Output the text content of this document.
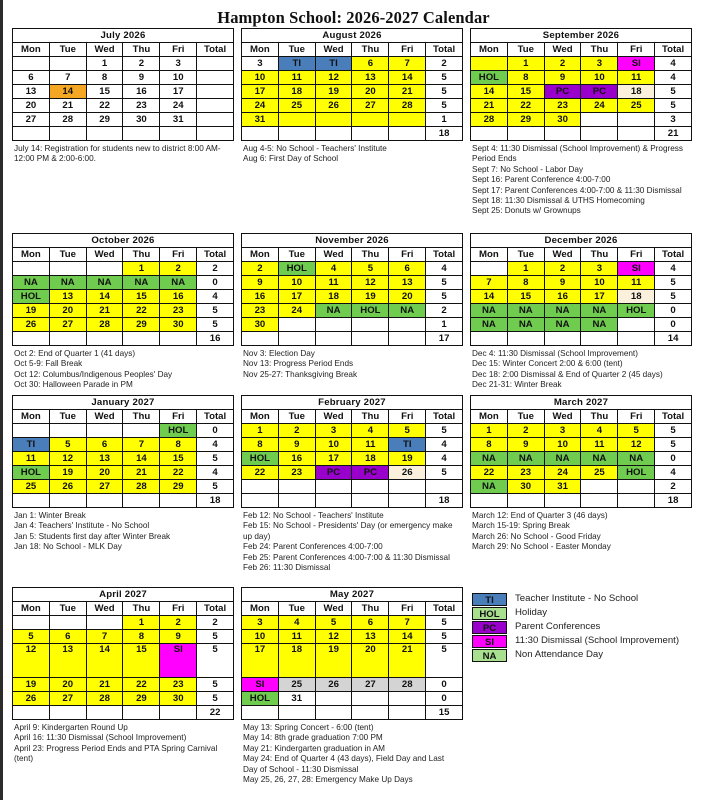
Hampton School: 2026-2027 Calendar
July 2026					
Mon	Tue	Wed	Thu	Fri	Total
		1	2	3	
6	7	8	9	10	
13	14	15	16	17	
20	21	22	23	24	
27	28	29	30	31	

July 14: Registration for students new to district 8:00 AM-12:00 PM & 2:00-6:00.
August 2026					
Mon	Tue	Wed	Thu	Fri	Total
3	TI	TI	6	7	2
10	11	12	13	14	5
17	18	19	20	21	5
24	25	26	27	28	5
31					1
					18
Aug 4-5: No School - Teachers' Institute
Aug 6: First Day of School
September 2026					
Mon	Tue	Wed	Thu	Fri	Total
	1	2	3	SI	4
HOL	8	9	10	11	4
14	15	PC	PC	18	5
21	22	23	24	25	5
28	29	30			3
					21
Sept 4: 11:30 Dismissal (School Improvement) & Progress Period Ends
Sept 7: No School - Labor Day
Sept 16: Parent Conference 4:00-7:00
Sept 17: Parent Conferences 4:00-7:00 & 11:30 Dismissal
Sept 18: 11:30 Dismissal & UTHS Homecoming
Sept 25: Donuts w/ Grownups
October 2026					
Mon	Tue	Wed	Thu	Fri	Total
			1	2	2
NA	NA	NA	NA	NA	0
HOL	13	14	15	16	4
19	20	21	22	23	5
26	27	28	29	30	5
					16
Oct 2: End of Quarter 1 (41 days)
Oct 5-9: Fall Break
Oct 12: Columbus/Indigenous Peoples' Day
Oct 30: Halloween Parade in PM
November 2026					
Mon	Tue	Wed	Thu	Fri	Total
2	HOL	4	5	6	4
9	10	11	12	13	5
16	17	18	19	20	5
23	24	NA	HOL	NA	2
30					1
					17
Nov 3: Election Day
Nov 13: Progress Period Ends
Nov 25-27: Thanksgiving Break
December 2026					
Mon	Tue	Wed	Thu	Fri	Total
	1	2	3	SI	4
7	8	9	10	11	5
14	15	16	17	18	5
NA	NA	NA	NA	HOL	0
NA	NA	NA	NA		0
					14
Dec 4: 11:30 Dismissal (School Improvement)
Dec 15: Winter Concert 2:00 & 6:00 (tent)
Dec 18: 2:00 Dismissal & End of Quarter 2 (45 days)
Dec 21-31: Winter Break
January 2027					
Mon	Tue	Wed	Thu	Fri	Total
				HOL	0
TI	5	6	7	8	4
11	12	13	14	15	5
HOL	19	20	21	22	4
25	26	27	28	29	5
					18
Jan 1: Winter Break
Jan 4: Teachers' Institute - No School
Jan 5: Students first day after Winter Break
Jan 18: No School - MLK Day
February 2027					
Mon	Tue	Wed	Thu	Fri	Total
1	2	3	4	5	5
8	9	10	11	TI	4
HOL	16	17	18	19	4
22	23	PC	PC	26	5

					18
Feb 12: No School - Teachers' Institute
Feb 15: No School - Presidents' Day (or emergency make up day)
Feb 24: Parent Conferences 4:00-7:00
Feb 25: Parent Conferences 4:00-7:00 & 11:30 Dismissal
Feb 26: 11:30 Dismissal
March 2027					
Mon	Tue	Wed	Thu	Fri	Total
1	2	3	4	5	5
8	9	10	11	12	5
NA	NA	NA	NA	NA	0
22	23	24	25	HOL	4
NA	30	31			2
					18
March 12: End of Quarter 3 (46 days)
March 15-19: Spring Break
March 26: No School - Good Friday
March 29: No School - Easter Monday
April 2027					
Mon	Tue	Wed	Thu	Fri	Total
			1	2	2
5	6	7	8	9	5
12	13	14	15	SI	5
19	20	21	22	23	5
26	27	28	29	30	5
					22
April 9: Kindergarten Round Up
April 16: 11:30 Dismissal (School Improvement)
April 23: Progress Period Ends and PTA Spring Carnival (tent)
May 2027					
Mon	Tue	Wed	Thu	Fri	Total
3	4	5	6	7	5
10	11	12	13	14	5
17	18	19	20	21	5
SI	25	26	27	28	0
HOL	31				0
					15
May 13: Spring Concert - 6:00 (tent)
May 14: 8th grade graduation 7:00 PM
May 21: Kindergarten graduation in AM
May 24: End of Quarter 4 (43 days), Field Day and Last Day of School - 11:30 Dismissal
May 25, 26, 27, 28: Emergency Make Up Days
TI	Teacher Institute - No School
HOL	Holiday
PC	Parent Conferences
SI	11:30 Dismissal (School Improvement)
NA	Non Attendance Day
